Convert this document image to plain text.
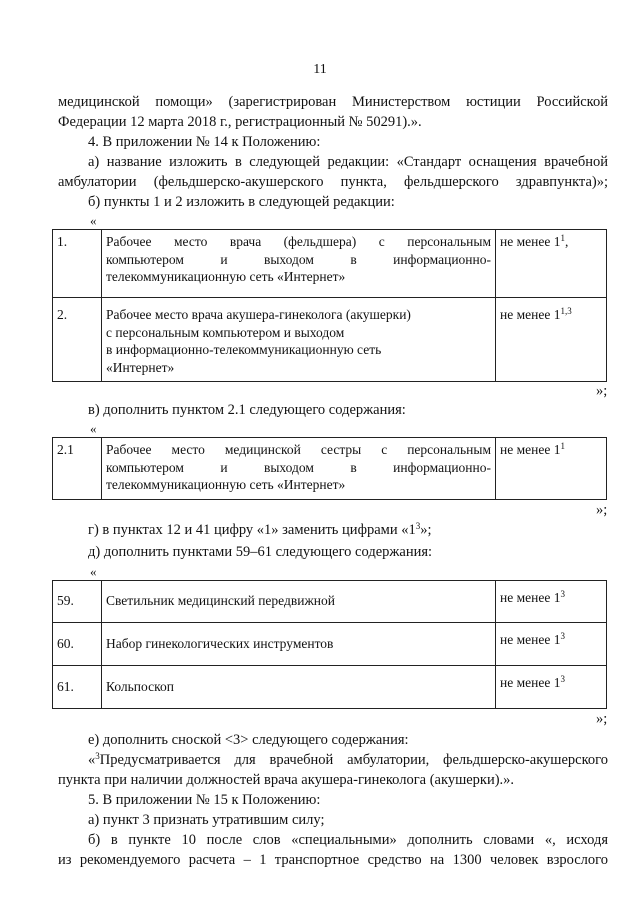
11
медицинской помощи» (зарегистрирован Министерством юстиции Российской
Федерации 12 марта 2018 г., регистрационный № 50291).».
4. В приложении № 14 к Положению:
а) название изложить в следующей редакции: «Стандарт оснащения врачебной
амбулатории (фельдшерско-акушерского пункта, фельдшерского здравпункта)»;
б) пункты 1 и 2 изложить в следующей редакции:
«
1.	Рабочее место врача (фельдшера) с персональным
компьютером и выходом в информационно-
телекоммуникационную сеть «Интернет»	не менее $1^1$,
2.	Рабочее место врача акушера-гинеколога (акушерки)
с персональным компьютером и выходом
в информационно-телекоммуникационную сеть
«Интернет»	не менее 1$^{1,3}$
»;
в) дополнить пунктом 2.1 следующего содержания:
«
2.1	Рабочее место медицинской сестры с персональным
компьютером и выходом в информационно-
телекоммуникационную сеть «Интернет»
	не менее $1^1$
»;
г) в пунктах 12 и 41 цифру «1» заменить цифрами «$1^3$»;
д) дополнить пунктами 59–61 следующего содержания:
«
59.	Светильник медицинский передвижной	не менее $1^3$
60.	Набор гинекологических инструментов	не менее $1^3$
61.	Кольпоскоп	не менее $1^3$
»;
е) дополнить сноской <3> следующего содержания:
«$^3$Предусматривается для врачебной амбулатории, фельдшерско-акушерского
пункта при наличии должностей врача акушера-гинеколога (акушерки).».
5. В приложении № 15 к Положению:
а) пункт 3 признать утратившим силу;
б) в пункте 10 после слов «специальными» дополнить словами «, исходя
из рекомендуемого расчета – 1 транспортное средство на 1300 человек взрослого
